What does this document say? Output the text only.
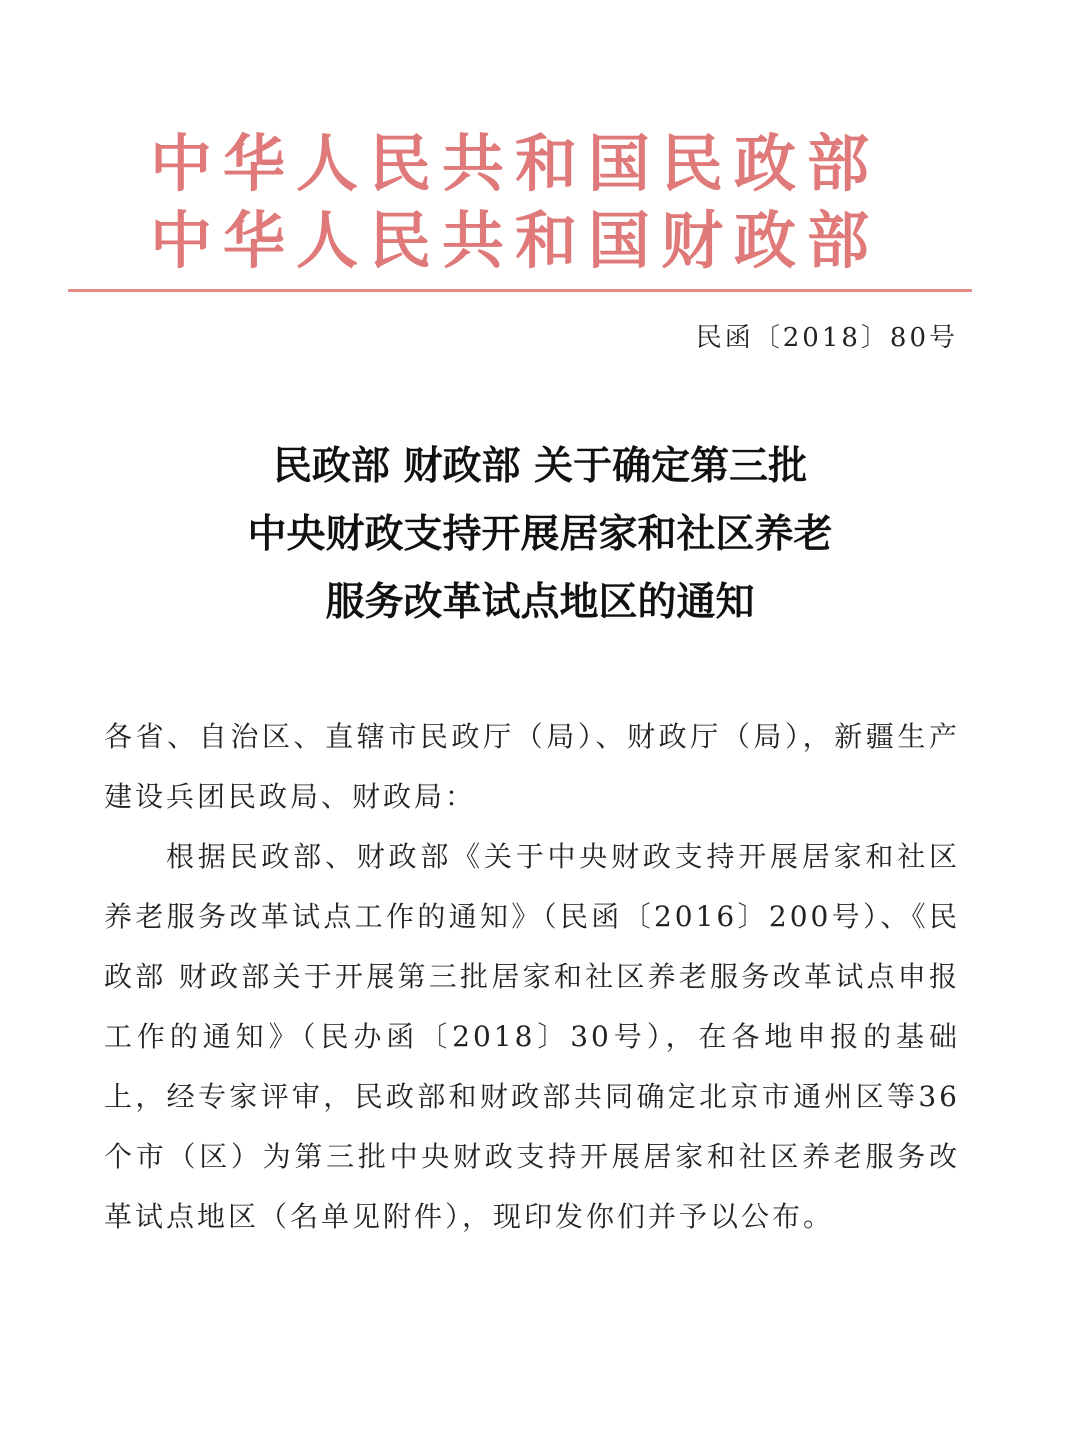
中华人民共和国民政部
中华人民共和国财政部
民函〔2018〕80号
民政部 财政部 关于确定第三批
中央财政支持开展居家和社区养老
服务改革试点地区的通知

各省、自治区、直辖市民政厅（局）、财政厅（局），新疆生产建设兵团民政局、财政局：

根据民政部、财政部《关于中央财政支持开展居家和社区养老服务改革试点工作的通知》（民函〔2016〕200号）、《民政部 财政部关于开展第三批居家和社区养老服务改革试点申报工作的通知》（民办函〔2018〕30号），在各地申报的基础上，经专家评审，民政部和财政部共同确定北京市通州区等36个市（区）为第三批中央财政支持开展居家和社区养老服务改革试点地区（名单见附件），现印发你们并予以公布。
